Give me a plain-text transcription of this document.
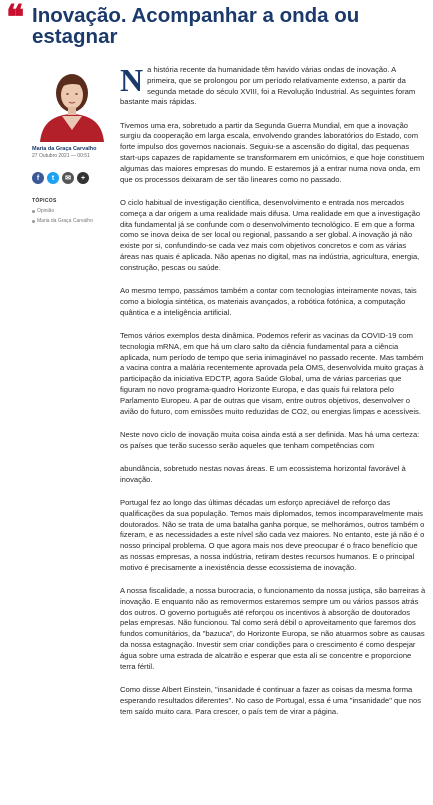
❝ Inovação. Acompanhar a onda ou estagnar
Maria da Graça Carvalho
27 Outubro 2021 — 00:51
f t ✉ +
TÓPICOS
Opinião
Maria da Graça Carvalho

Na história recente da humanidade têm havido várias ondas de inovação. A primeira, que se prolongou por um período relativamente extenso, a partir da segunda metade do século XVIII, foi a Revolução Industrial. As seguintes foram bastante mais rápidas.

Tivemos uma era, sobretudo a partir da Segunda Guerra Mundial, em que a inovação surgiu da cooperação em larga escala, envolvendo grandes laboratórios do Estado, com forte impulso dos governos nacionais. Seguiu-se a ascensão do digital, das pequenas start-ups capazes de rapidamente se transformarem em unicórnios, e que hoje constituem algumas das maiores empresas do mundo. E estaremos já a entrar numa nova onda, em que os processos deixaram de ser tão lineares como no passado.

O ciclo habitual de investigação científica, desenvolvimento e entrada nos mercados começa a dar origem a uma realidade mais difusa. Uma realidade em que a investigação dita fundamental já se confunde com o desenvolvimento tecnológico. E em que a forma como se inova deixa de ser local ou regional, passando a ser global. A inovação já não existe por si, confundindo-se cada vez mais com objetivos concretos e com as várias áreas nas quais é aplicada. Não apenas no digital, mas na indústria, agricultura, energia, construção, pescas ou saúde.

Ao mesmo tempo, passámos também a contar com tecnologias inteiramente novas, tais como a biologia sintética, os materiais avançados, a robótica fotónica, a computação quântica e a inteligência artificial.

Temos vários exemplos desta dinâmica. Podemos referir as vacinas da COVID-19 com tecnologia mRNA, em que há um claro salto da ciência fundamental para a ciência aplicada, num período de tempo que seria inimaginável no passado recente. Mas também a vacina contra a malária recentemente aprovada pela OMS, desenvolvida muito graças à participação da iniciativa EDCTP, agora Saúde Global, uma de várias parcerias que figuram no novo programa-quadro Horizonte Europa, e das quais fui relatora pelo Parlamento Europeu. A par de outras que visam, entre outros objetivos, desenvolver o avião do futuro, com emissões muito reduzidas de CO2, ou energias limpas e acessíveis.

Neste novo ciclo de inovação muita coisa ainda está a ser definida. Mas há uma certeza: os países que terão sucesso serão aqueles que tenham competências com

abundância, sobretudo nestas novas áreas. E um ecossistema horizontal favorável à inovação.

Portugal fez ao longo das últimas décadas um esforço apreciável de reforço das qualificações da sua população. Temos mais diplomados, temos incomparavelmente mais doutorados. Não se trata de uma batalha ganha porque, se melhorámos, outros também o fizeram, e as necessidades a este nível são cada vez maiores. No entanto, este já não é o nosso principal problema. O que agora mais nos deve preocupar é o fraco benefício que as nossas empresas, a nossa indústria, retiram destes recursos humanos. E o principal motivo é precisamente a inexistência desse ecossistema de inovação.

A nossa fiscalidade, a nossa burocracia, o funcionamento da nossa justiça, são barreiras à inovação. E enquanto não as removermos estaremos sempre um ou vários passos atrás dos outros. O governo português até reforçou os incentivos à absorção de doutorados pelas empresas. Não funcionou. Tal como será débil o aproveitamento que faremos dos fundos comunitários, da "bazuca", do Horizonte Europa, se não atuarmos sobre as causas da nossa estagnação. Investir sem criar condições para o crescimento é como despejar água sobre uma estrada de alcatrão e esperar que esta ali se concentre e proporcione terra fértil.

Como disse Albert Einstein, "insanidade é continuar a fazer as coisas da mesma forma esperando resultados diferentes". No caso de Portugal, essa é uma "insanidade" que nos tem saído muito cara. Para crescer, o país tem de virar a página.
